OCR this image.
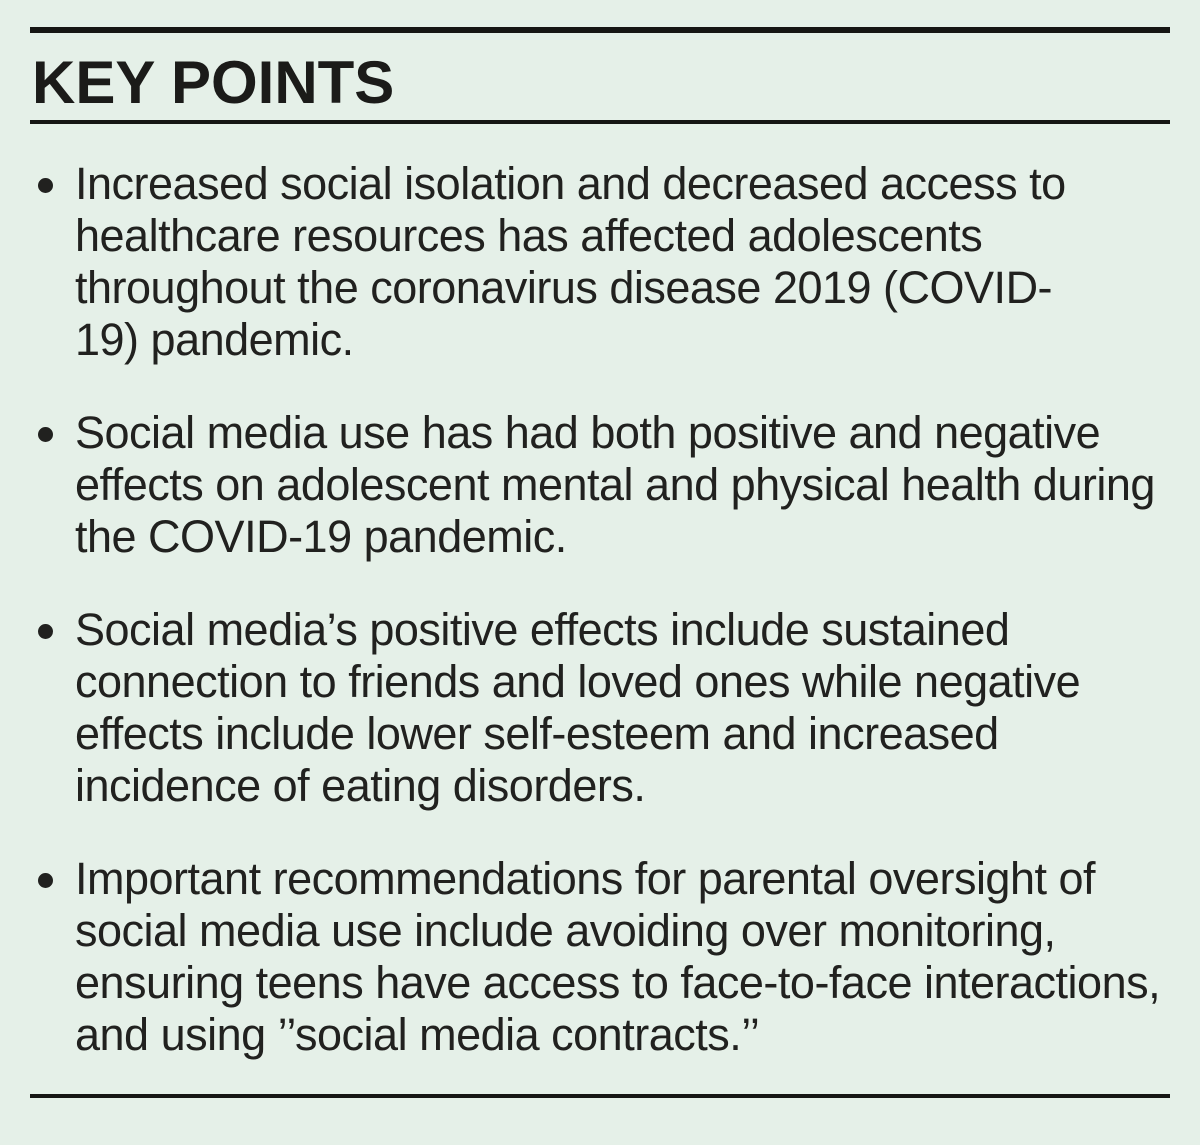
KEY POINTS
Increased social isolation and decreased access to
healthcare resources has affected adolescents
throughout the coronavirus disease 2019 (COVID-
19) pandemic.
Social media use has had both positive and negative
effects on adolescent mental and physical health during
the COVID-19 pandemic.
Social media’s positive effects include sustained
connection to friends and loved ones while negative
effects include lower self-esteem and increased
incidence of eating disorders.
Important recommendations for parental oversight of
social media use include avoiding over monitoring,
ensuring teens have access to face-to-face interactions,
and using ’’social media contracts.’’
